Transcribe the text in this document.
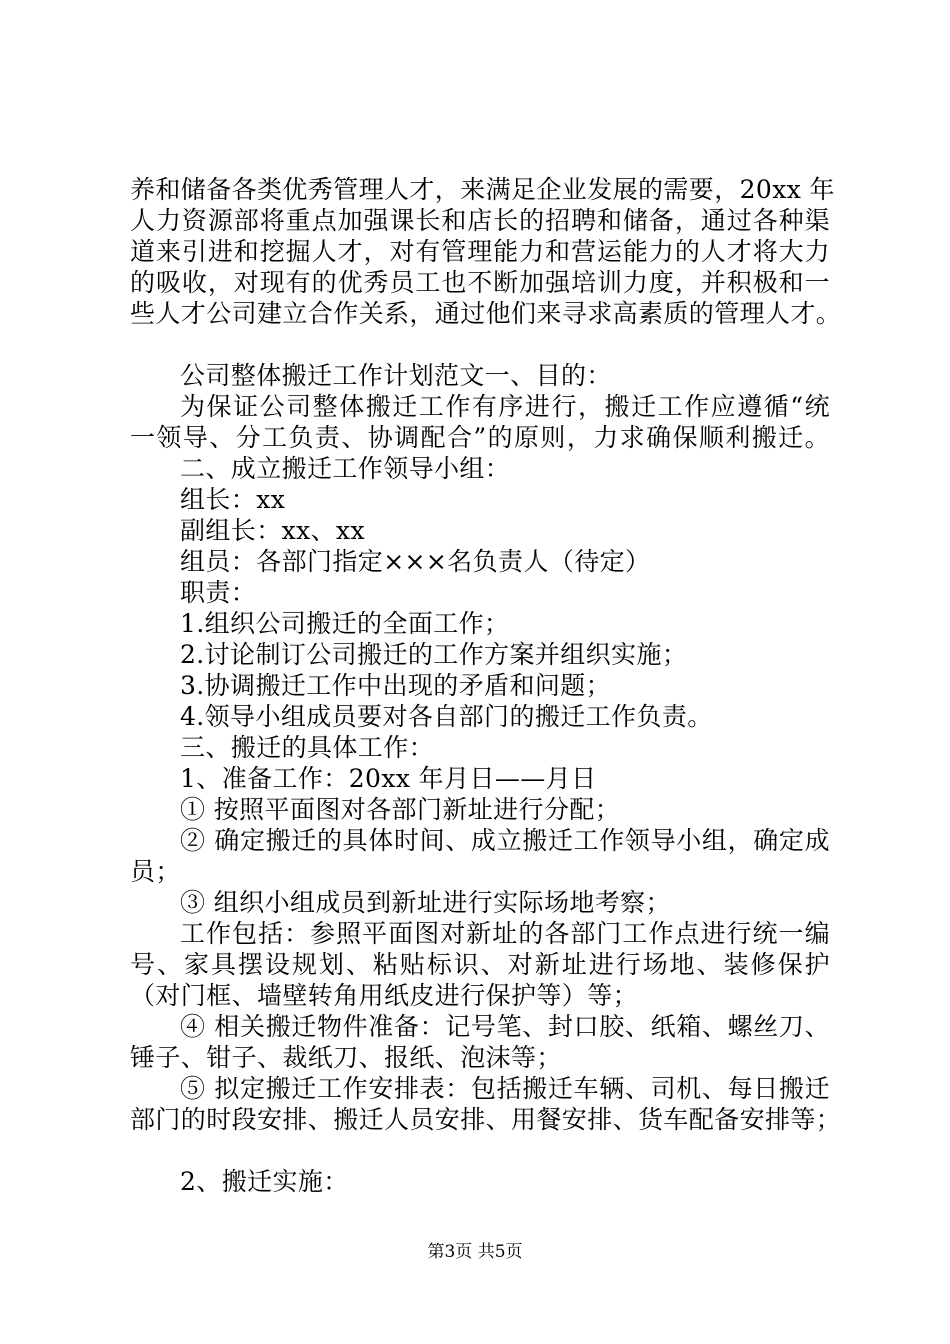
养和储备各类优秀管理人才，来满足企业发展的需要，20xx 年
人力资源部将重点加强课长和店长的招聘和储备，通过各种渠
道来引进和挖掘人才，对有管理能力和营运能力的人才将大力
的吸收，对现有的优秀员工也不断加强培训力度，并积极和一
些人才公司建立合作关系，通过他们来寻求高素质的管理人才。
公司整体搬迁工作计划范文一、目的：
为保证公司整体搬迁工作有序进行，搬迁工作应遵循“统
一领导、分工负责、协调配合”的原则，力求确保顺利搬迁。
二、成立搬迁工作领导小组：
组长：xx
副组长：xx、xx
组员：各部门指定×××名负责人（待定）
职责：
1.组织公司搬迁的全面工作；
2.讨论制订公司搬迁的工作方案并组织实施；
3.协调搬迁工作中出现的矛盾和问题；
4.领导小组成员要对各自部门的搬迁工作负责。
三、搬迁的具体工作：
1、准备工作：20xx 年月日——月日
① 按照平面图对各部门新址进行分配；
② 确定搬迁的具体时间、成立搬迁工作领导小组，确定成
员；
③ 组织小组成员到新址进行实际场地考察；
工作包括：参照平面图对新址的各部门工作点进行统一编
号、家具摆设规划、粘贴标识、对新址进行场地、装修保护
（对门框、墙壁转角用纸皮进行保护等）等；
④ 相关搬迁物件准备：记号笔、封口胶、纸箱、螺丝刀、
锤子、钳子、裁纸刀、报纸、泡沫等；
⑤ 拟定搬迁工作安排表：包括搬迁车辆、司机、每日搬迁
部门的时段安排、搬迁人员安排、用餐安排、货车配备安排等；
2、搬迁实施：
第3页 共5页
